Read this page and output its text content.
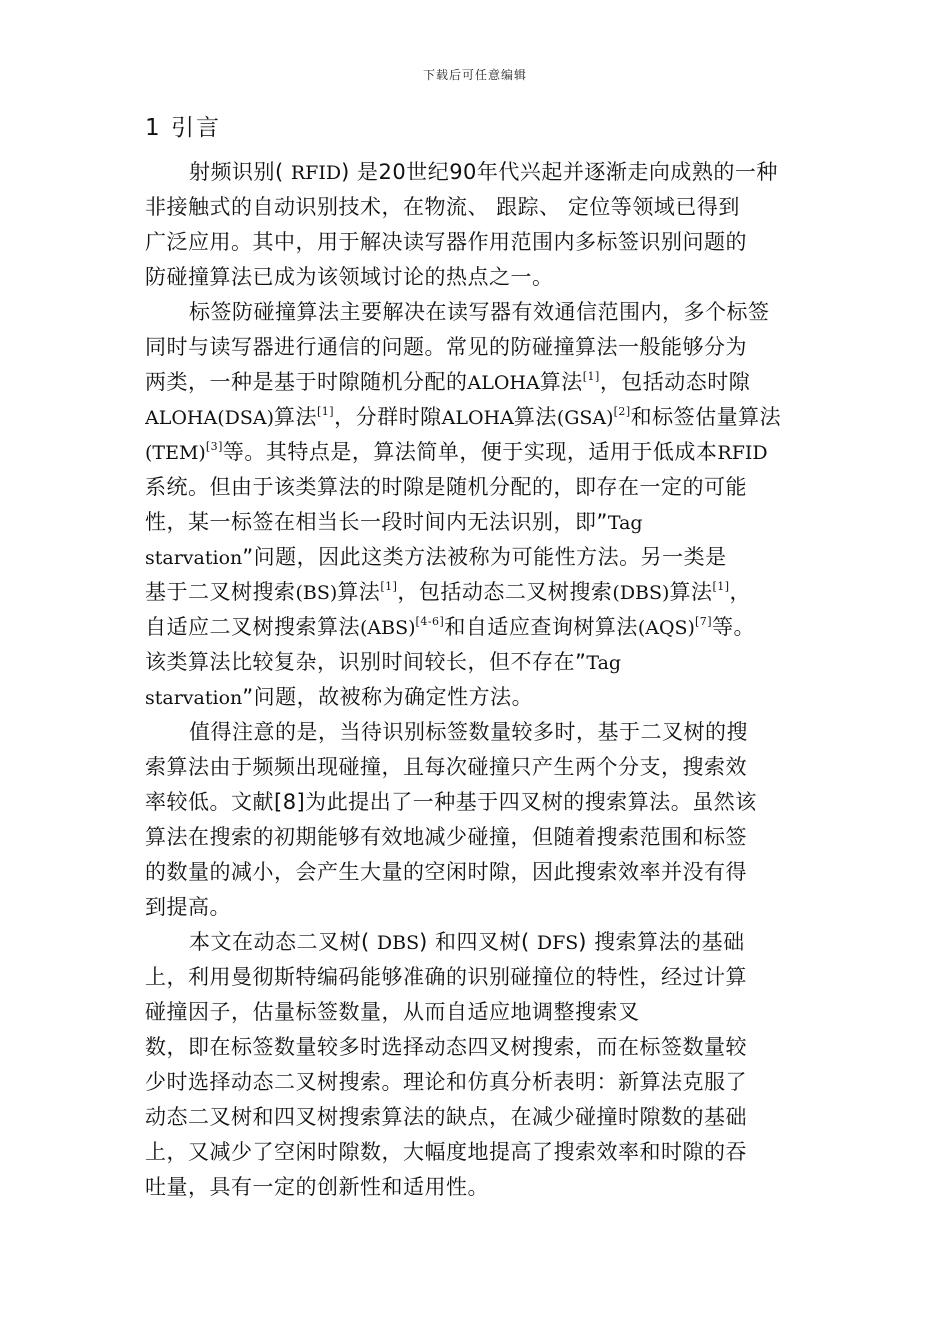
下载后可任意编辑
1 引言
射频识别( RFID) 是20世纪90年代兴起并逐渐走向成熟的一种
非接触式的自动识别技术，在物流、 跟踪、 定位等领域已得到
广泛应用。其中，用于解决读写器作用范围内多标签识别问题的
防碰撞算法已成为该领域讨论的热点之一。
标签防碰撞算法主要解决在读写器有效通信范围内，多个标签
同时与读写器进行通信的问题。常见的防碰撞算法一般能够分为
两类，一种是基于时隙随机分配的ALOHA算法[1]，包括动态时隙
ALOHA(DSA)算法[1]，分群时隙ALOHA算法(GSA)[2]和标签估量算法
(TEM)[3]等。其特点是，算法简单，便于实现，适用于低成本RFID
系统。但由于该类算法的时隙是随机分配的，即存在一定的可能
性，某一标签在相当长一段时间内无法识别，即”Tag
starvation”问题，因此这类方法被称为可能性方法。另一类是
基于二叉树搜索(BS)算法[1]，包括动态二叉树搜索(DBS)算法[1]，
自适应二叉树搜索算法(ABS)[4-6]和自适应查询树算法(AQS)[7]等。
该类算法比较复杂，识别时间较长，但不存在”Tag
starvation”问题，故被称为确定性方法。
值得注意的是，当待识别标签数量较多时，基于二叉树的搜
索算法由于频频出现碰撞，且每次碰撞只产生两个分支，搜索效
率较低。文献[8]为此提出了一种基于四叉树的搜索算法。虽然该
算法在搜索的初期能够有效地减少碰撞，但随着搜索范围和标签
的数量的减小，会产生大量的空闲时隙，因此搜索效率并没有得
到提高。
本文在动态二叉树( DBS) 和四叉树( DFS) 搜索算法的基础
上，利用曼彻斯特编码能够准确的识别碰撞位的特性，经过计算
碰撞因子，估量标签数量，从而自适应地调整搜索叉
数，即在标签数量较多时选择动态四叉树搜索，而在标签数量较
少时选择动态二叉树搜索。理论和仿真分析表明：新算法克服了
动态二叉树和四叉树搜索算法的缺点，在减少碰撞时隙数的基础
上，又减少了空闲时隙数，大幅度地提高了搜索效率和时隙的吞
吐量，具有一定的创新性和适用性。
